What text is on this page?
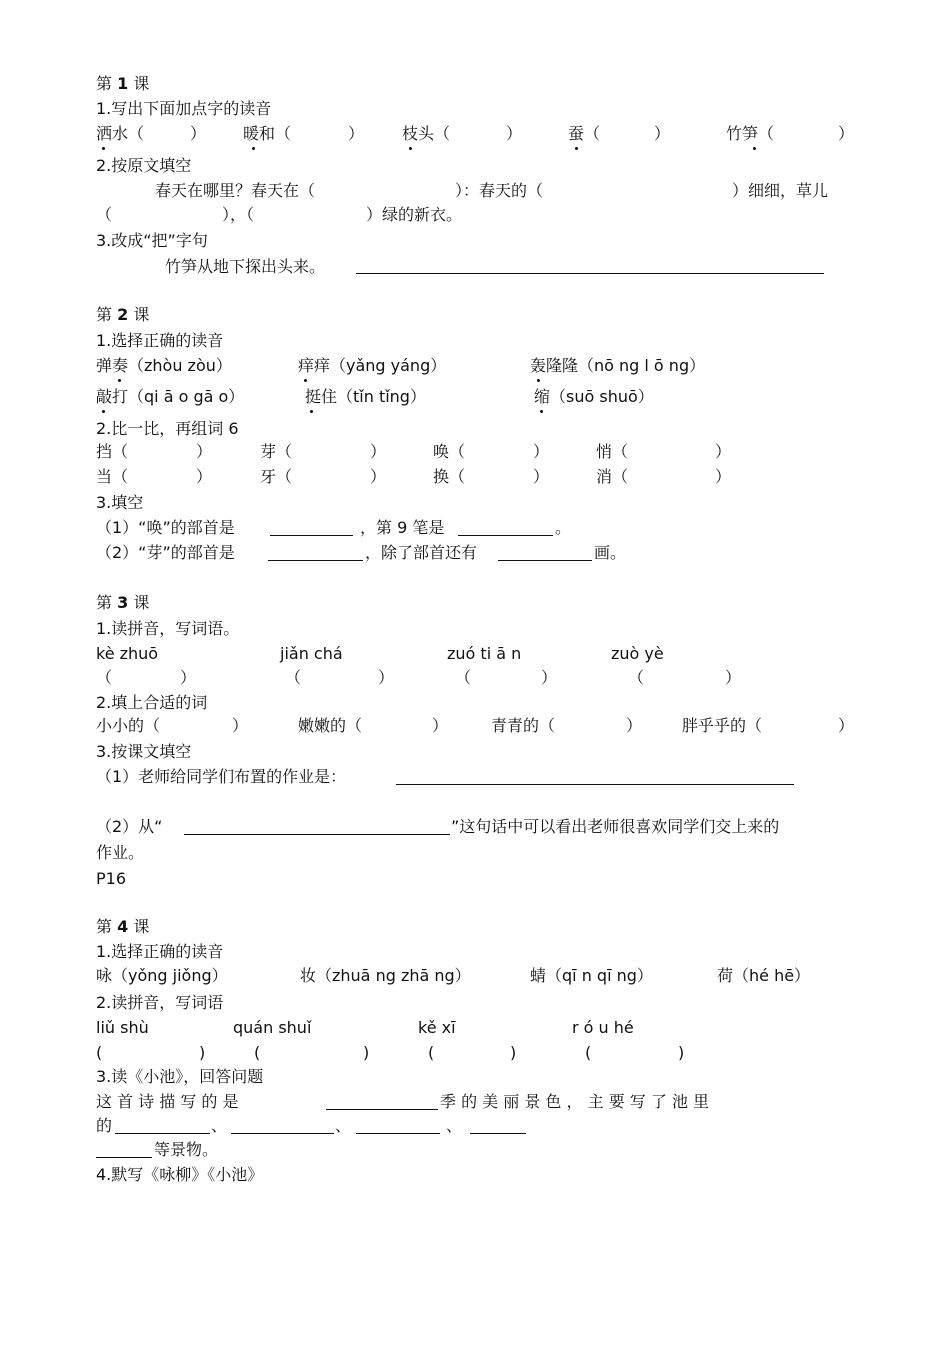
第 1 课
1.写出下面加点字的读音
洒水（	） 暖和（	） 枝头（	）	蚕（	）	竹笋（	）
2.按原文填空
春天在哪里？春天在（	）：春天的（	）细细，草儿
（	），（	）绿的新衣。
3.改成“把”字句
竹笋从地下探出头来。
第 2 课
1.选择正确的读音
弹奏（zhòu zòu）	痒痒（yǎng yáng）	轰隆隆（nō ng l ō ng）
敲打（qi ā o gā o）	挺住（tǐn tǐng）	缩（suō shuō）
2.比一比，再组词 6
挡（	）	芽（	）	唤（	）	悄（	）
当（	）	牙（	）	换（	）	消（	）
3.填空
（1）“唤”的部首是	，第 9 笔是	。
（2）“芽”的部首是	，除了部首还有	画。
第 3 课
1.读拼音，写词语。
kè zhuō	jiǎn chá	zuó ti ā n	zuò yè
（	）	（	）	（	）	（	）
2.填上合适的词
小小的（	）	嫩嫩的（	）	青青的（	） 胖乎乎的（	）
3.按课文填空
（1）老师给同学们布置的作业是：
（2）从“	”这句话中可以看出老师很喜欢同学们交上来的
作业。
P16
第 4 课
1.选择正确的读音
咏（yǒng jiǒng）	妆（zhuā ng zhā ng）	蜻（qī n qī ng）	荷（hé hē）
2.读拼音，写词语
liǔ shù	quán shuǐ	kě xī	r ó u hé
(	)	(	)	(	)	(	)
3.读《小池》，回答问题
这 首 诗 描 写 的 是	季 的 美 丽 景 色 ， 主 要 写 了 池 里
的	、	、	、
等景物。
4.默写《咏柳》《小池》
